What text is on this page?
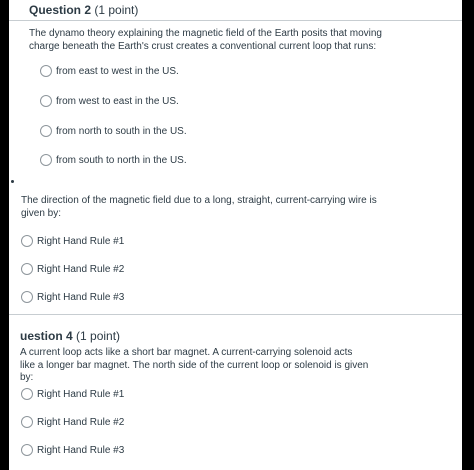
Question 2 (1 point)
The dynamo theory explaining the magnetic field of the Earth posits that moving charge beneath the Earth's crust creates a conventional current loop that runs:
from east to west in the US.
from west to east in the US.
from north to south in the US.
from south to north in the US.
The direction of the magnetic field due to a long, straight, current-carrying wire is given by:
Right Hand Rule #1
Right Hand Rule #2
Right Hand Rule #3
uestion 4 (1 point)
A current loop acts like a short bar magnet. A current-carrying solenoid acts like a longer bar magnet. The north side of the current loop or solenoid is given by:
Right Hand Rule #1
Right Hand Rule #2
Right Hand Rule #3
